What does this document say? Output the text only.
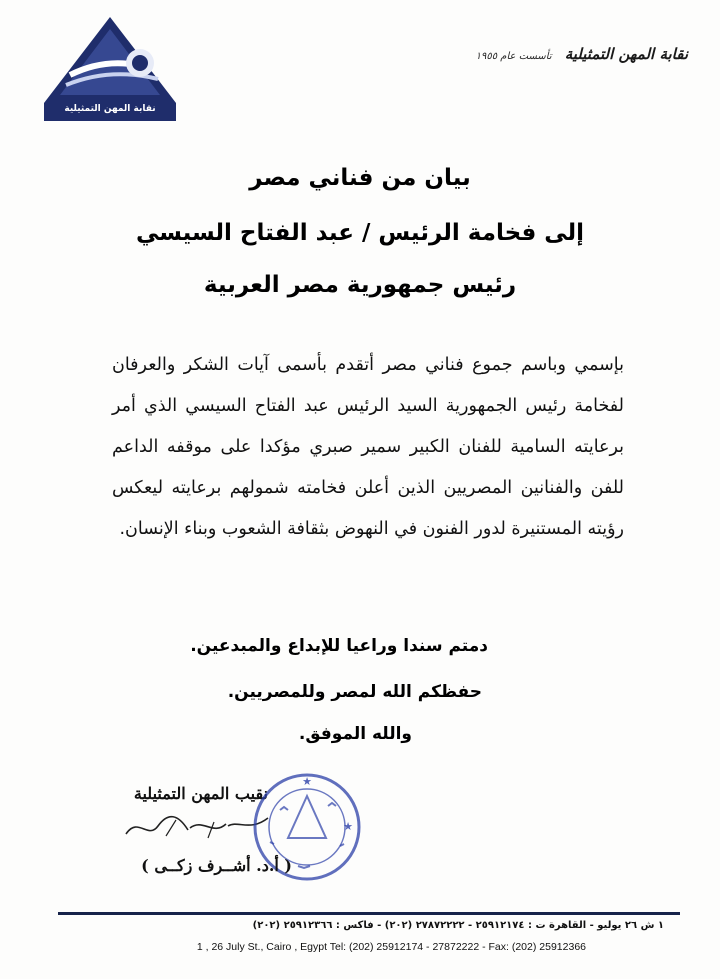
نقابة المهن التمثيلية
نقابة المهن التمثيلية تأسست عام ١٩٥٥
بيان من فناني مصر
إلى فخامة الرئيس / عبد الفتاح السيسي
رئيس جمهورية مصر العربية
بإسمي وباسم جموع فناني مصر أتقدم بأسمى آيات الشكر والعرفان لفخامة رئيس الجمهورية السيد الرئيس عبد الفتاح السيسي الذي أمر برعايته السامية للفنان الكبير سمير صبري مؤكدا على موقفه الداعم للفن والفنانين المصريين الذين أعلن فخامته شمولهم برعايته ليعكس رؤيته المستنيرة لدور الفنون في النهوض بثقافة الشعوب وبناء الإنسان.
دمتم سندا وراعيا للإبداع والمبدعين.
حفظكم الله لمصر وللمصريين.
والله الموفق.
نقيب المهن التمثيلية
★
★
( أ.د. أشــرف زكــى )
١ ش ٢٦ يوليو - القاهرة ت : ٢٥٩١٢١٧٤ - ٢٧٨٧٢٢٢٢ (٢٠٢) - فاكس : ٢٥٩١٢٣٦٦ (٢٠٢)
1 , 26 July St., Cairo , Egypt Tel: (202) 25912174 - 27872222 - Fax: (202) 25912366
